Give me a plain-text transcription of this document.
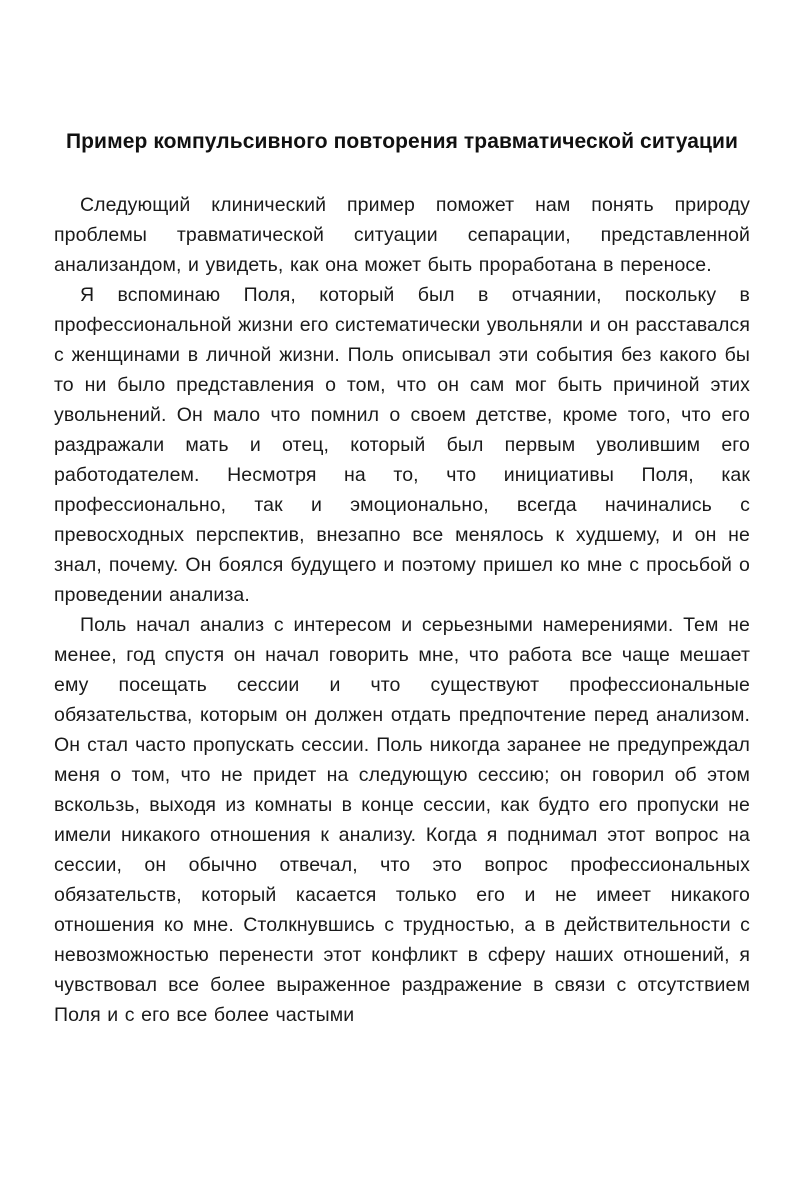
Пример компульсивного повторения травматической ситуации

Следующий клинический пример поможет нам понять природу проблемы травматической ситуации сепарации, представленной анализандом, и увидеть, как она может быть проработана в переносе.

Я вспоминаю Поля, который был в отчаянии, поскольку в профессиональной жизни его систематически увольняли и он расставался с женщинами в личной жизни. Поль описывал эти события без какого бы то ни было представления о том, что он сам мог быть причиной этих увольнений. Он мало что помнил о своем детстве, кроме того, что его раздражали мать и отец, который был первым уволившим его работодателем. Несмотря на то, что инициативы Поля, как профессионально, так и эмоционально, всегда начинались с превосходных перспектив, внезапно все менялось к худшему, и он не знал, почему. Он боялся будущего и поэтому пришел ко мне с просьбой о проведении анализа.

Поль начал анализ с интересом и серьезными намерениями. Тем не менее, год спустя он начал говорить мне, что работа все чаще мешает ему посещать сессии и что существуют профессиональные обязательства, которым он должен отдать предпочтение перед анализом. Он стал часто пропускать сессии. Поль никогда заранее не предупреждал меня о том, что не придет на следующую сессию; он говорил об этом вскользь, выходя из комнаты в конце сессии, как будто его пропуски не имели никакого отношения к анализу. Когда я поднимал этот вопрос на сессии, он обычно отвечал, что это вопрос профессиональных обязательств, который касается только его и не имеет никакого отношения ко мне. Столкнувшись с трудностью, а в действительности с невозможностью перенести этот конфликт в сферу наших отношений, я чувствовал все более выраженное раздражение в связи с отсутствием Поля и с его все более частыми
